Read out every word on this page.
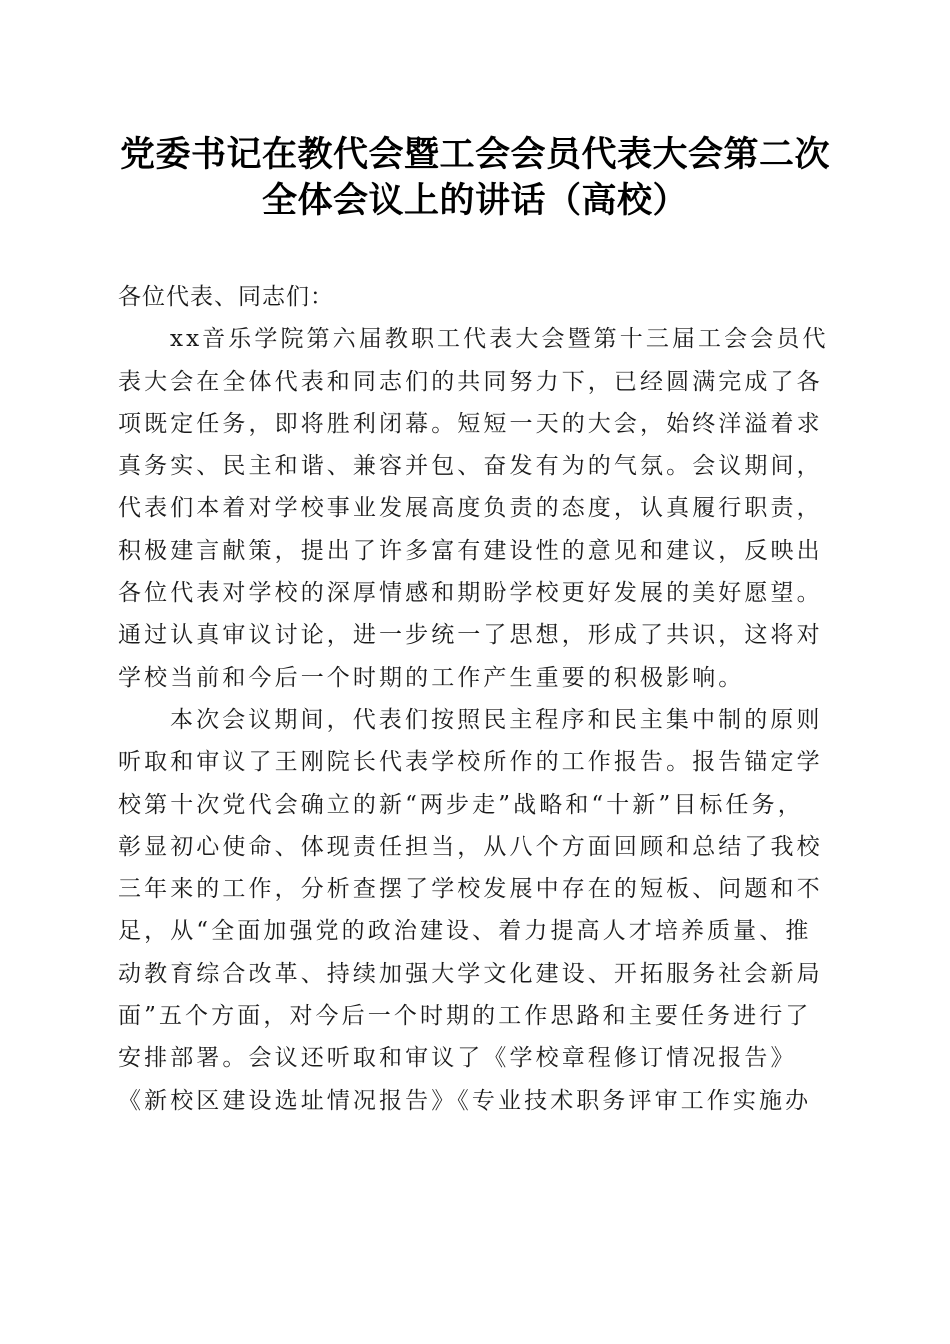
党委书记在教代会暨工会会员代表大会第二次
全体会议上的讲话（高校）

各位代表、同志们：

xx音乐学院第六届教职工代表大会暨第十三届工会会员代
表大会在全体代表和同志们的共同努力下，已经圆满完成了各
项既定任务，即将胜利闭幕。短短一天的大会，始终洋溢着求
真务实、民主和谐、兼容并包、奋发有为的气氛。会议期间，
代表们本着对学校事业发展高度负责的态度，认真履行职责，
积极建言献策，提出了许多富有建设性的意见和建议，反映出
各位代表对学校的深厚情感和期盼学校更好发展的美好愿望。
通过认真审议讨论，进一步统一了思想，形成了共识，这将对
学校当前和今后一个时期的工作产生重要的积极影响。

本次会议期间，代表们按照民主程序和民主集中制的原则
听取和审议了王刚院长代表学校所作的工作报告。报告锚定学
校第十次党代会确立的新“两步走”战略和“十新”目标任务，
彰显初心使命、体现责任担当，从八个方面回顾和总结了我校
三年来的工作，分析查摆了学校发展中存在的短板、问题和不
足，从“全面加强党的政治建设、着力提高人才培养质量、推
动教育综合改革、持续加强大学文化建设、开拓服务社会新局
面”五个方面，对今后一个时期的工作思路和主要任务进行了
安排部署。会议还听取和审议了《学校章程修订情况报告》
《新校区建设选址情况报告》《专业技术职务评审工作实施办
